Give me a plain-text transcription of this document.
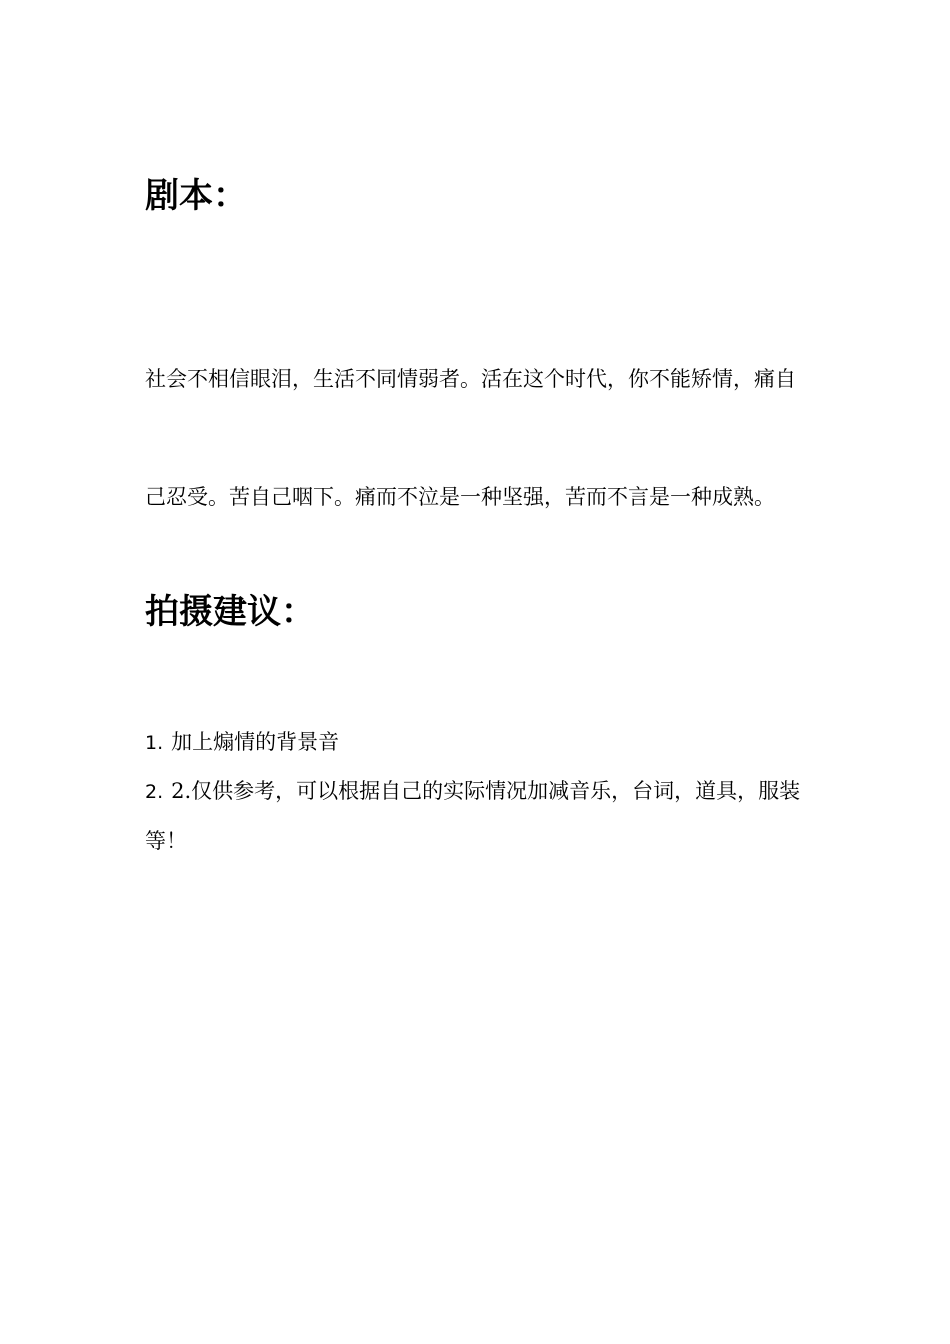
剧本：

社会不相信眼泪，生活不同情弱者。活在这个时代，你不能矫情，痛自

己忍受。苦自己咽下。痛而不泣是一种坚强，苦而不言是一种成熟。

拍摄建议：

1. 加上煽情的背景音

2. 2.仅供参考，可以根据自己的实际情况加减音乐，台词，道具，服装

等！
